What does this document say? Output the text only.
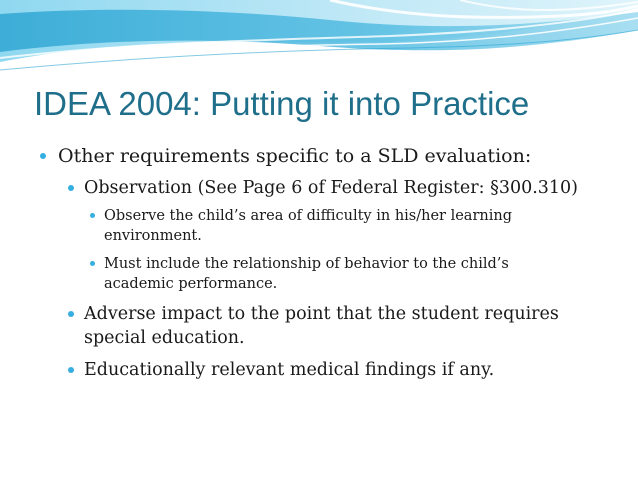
IDEA 2004: Putting it into Practice
Other requirements specific to a SLD evaluation:
Observation (See Page 6 of Federal Register: §300.310)
Observe the child’s area of difficulty in his/her learning
environment.
Must include the relationship of behavior to the child’s
academic performance.
Adverse impact to the point that the student requires
special education.
Educationally relevant medical findings if any.
